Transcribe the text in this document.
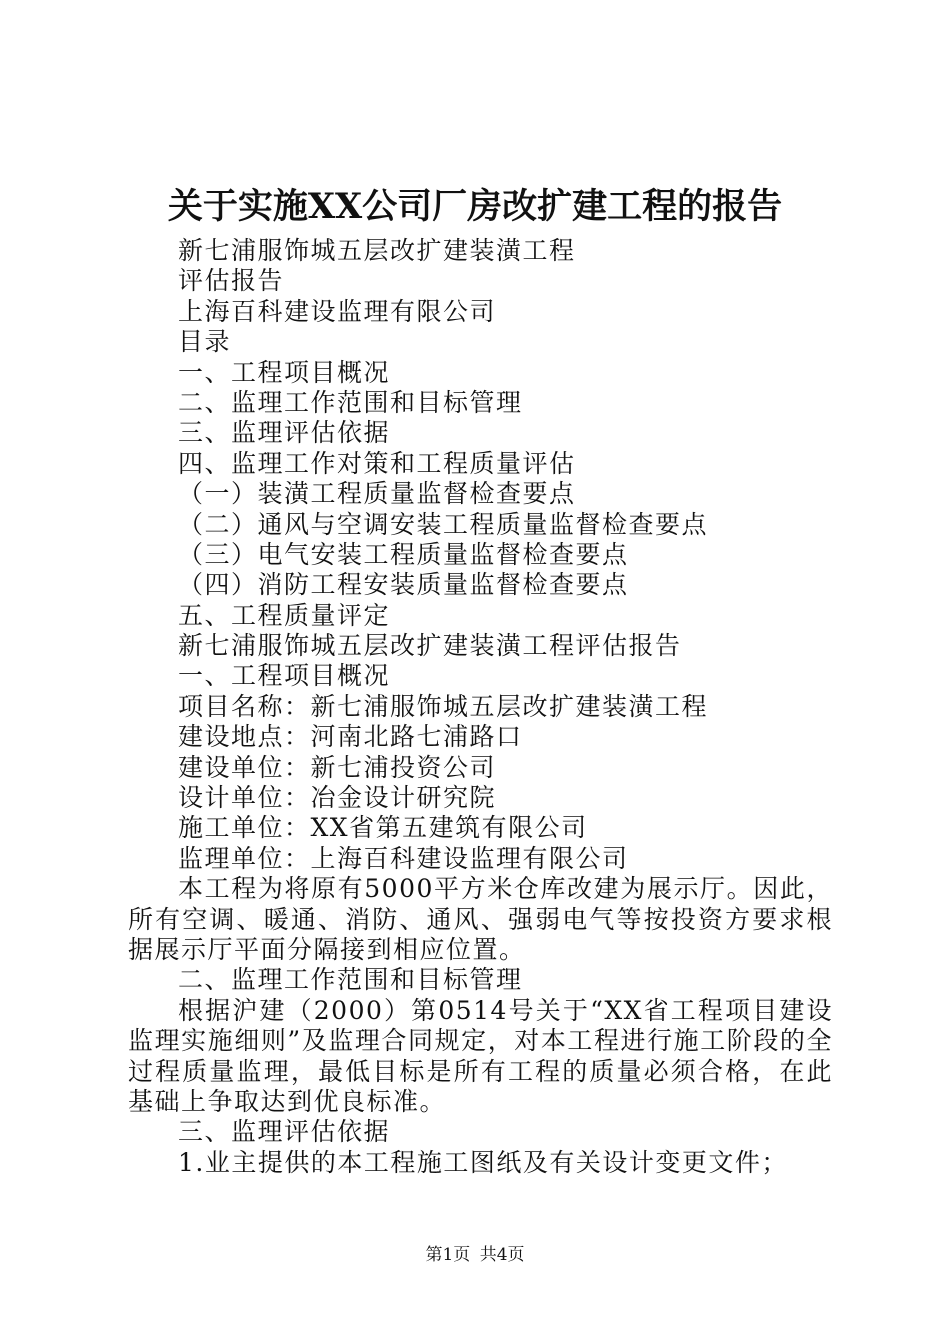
关于实施XX公司厂房改扩建工程的报告
新七浦服饰城五层改扩建装潢工程
评估报告
上海百科建设监理有限公司
目录
一、工程项目概况
二、监理工作范围和目标管理
三、监理评估依据
四、监理工作对策和工程质量评估
（一）装潢工程质量监督检查要点
（二）通风与空调安装工程质量监督检查要点
（三）电气安装工程质量监督检查要点
（四）消防工程安装质量监督检查要点
五、工程质量评定
新七浦服饰城五层改扩建装潢工程评估报告
一、工程项目概况
项目名称：新七浦服饰城五层改扩建装潢工程
建设地点：河南北路七浦路口
建设单位：新七浦投资公司
设计单位：冶金设计研究院
施工单位：XX省第五建筑有限公司
监理单位：上海百科建设监理有限公司
本工程为将原有5000平方米仓库改建为展示厅。因此，所有空调、暖通、消防、通风、强弱电气等按投资方要求根据展示厅平面分隔接到相应位置。
二、监理工作范围和目标管理
根据沪建（2000）第0514号关于“XX省工程项目建设监理实施细则”及监理合同规定，对本工程进行施工阶段的全过程质量监理，最低目标是所有工程的质量必须合格，在此基础上争取达到优良标准。
三、监理评估依据
1.业主提供的本工程施工图纸及有关设计变更文件；
第1页 共4页
